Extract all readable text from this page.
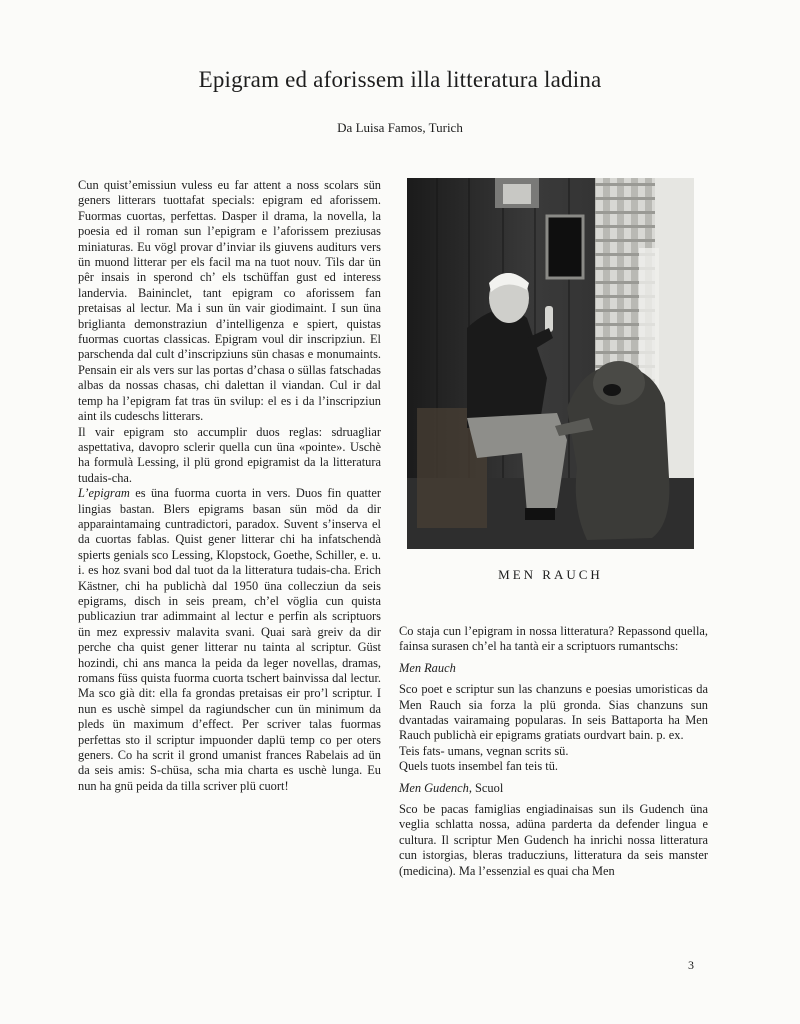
Epigram ed aforissem illa litteratura ladina
Da Luisa Famos, Turich

Cun quist’emissiun vuless eu far attent a noss scolars sün geners litterars tuottafat specials: epigram ed aforissem. Fuormas cuortas, perfettas. Dasper il drama, la novella, la poesia ed il roman sun l’epigram e l’aforissem preziusas miniaturas. Eu vögl provar d’inviar ils giuvens auditurs vers ün muond litterar per els facil ma na tuot nouv. Tils dar ün pêr insais in sperond ch’ els tschüffan gust ed interess landervia. Baininclet, tant epigram co aforissem fan pretaisas al lectur. Ma i sun ün vair giodimaint. I sun üna briglianta demonstraziun d’intelligenza e spiert, quistas fuormas cuortas classicas. Epigram voul dir inscripziun. El parschenda dal cult d’inscripziuns sün chasas e monumaints. Pensain eir als vers sur las portas d’chasa o süllas fatschadas albas da nossas chasas, chi dalettan il viandan. Cul ir dal temp ha l’epigram fat tras ün svilup: el es i da l’inscripziun aint ils cudeschs litterars.

Il vair epigram sto accumplir duos reglas: sdruagliar aspettativa, davopro sclerir quella cun üna «pointe». Uschè ha formulà Lessing, il plü grond epigramist da la litteratura tudais-cha.

L’epigram es üna fuorma cuorta in vers. Duos fin quatter lingias bastan. Blers epigrams basan sün möd da dir apparaintamaing cuntradictori, paradox. Suvent s’inserva el da cuortas fablas. Quist gener litterar chi ha infatschendà spierts genials sco Lessing, Klopstock, Goethe, Schiller, e. u. i. es hoz svani bod dal tuot da la litteratura tudais-cha. Erich Kästner, chi ha publichà dal 1950 üna collecziun da seis epigrams, disch in seis pream, ch’el vöglia cun quista publicaziun trar adimmaint al lectur e perfin als scriptuors ün mez expressiv malavita svani. Quai sarà greiv da dir perche cha quist gener litterar nu tainta al scriptur. Güst hozindi, chi ans manca la peida da leger novellas, dramas, romans füss quista fuorma cuorta tschert bainvissa dal lectur. Ma sco già dit: ella fa grondas pretaisas eir pro’l scriptur. I nun es uschè simpel da ragiundscher cun ün minimum da pleds ün maximum d’effect. Per scriver talas fuormas perfettas sto il scriptur impuonder daplü temp co per oters geners. Co ha scrit il grond umanist frances Rabelais ad ün da seis amis: S-chüsa, scha mia charta es uschè lunga. Eu nun ha gnü peida da tilla scriver plü cuort!

MEN RAUCH

Co staja cun l’epigram in nossa litteratura? Repassond quella, fainsa surasen ch’el ha tantà eir a scriptuors rumantschs:

Men Rauch

Sco poet e scriptur sun las chanzuns e poesias umoristicas da Men Rauch sia forza la plü gronda. Sias chanzuns sun dvantadas vairamaing popularas. In seis Battaporta ha Men Rauch publichà eir epigrams gratiats ourdvart bain. p. ex.

Teis fats- umans, vegnan scrits sü.

Quels tuots insembel fan teis tü.

Men Gudench, Scuol

Sco be pacas famiglias engiadinaisas sun ils Gudench üna veglia schlatta nossa, adüna parderta da defender lingua e cultura. Il scriptur Men Gudench ha inrichi nossa litteratura cun istorgias, bleras traducziuns, litteratura da seis manster (medicina). Ma l’essenzial es quai cha Men

3
